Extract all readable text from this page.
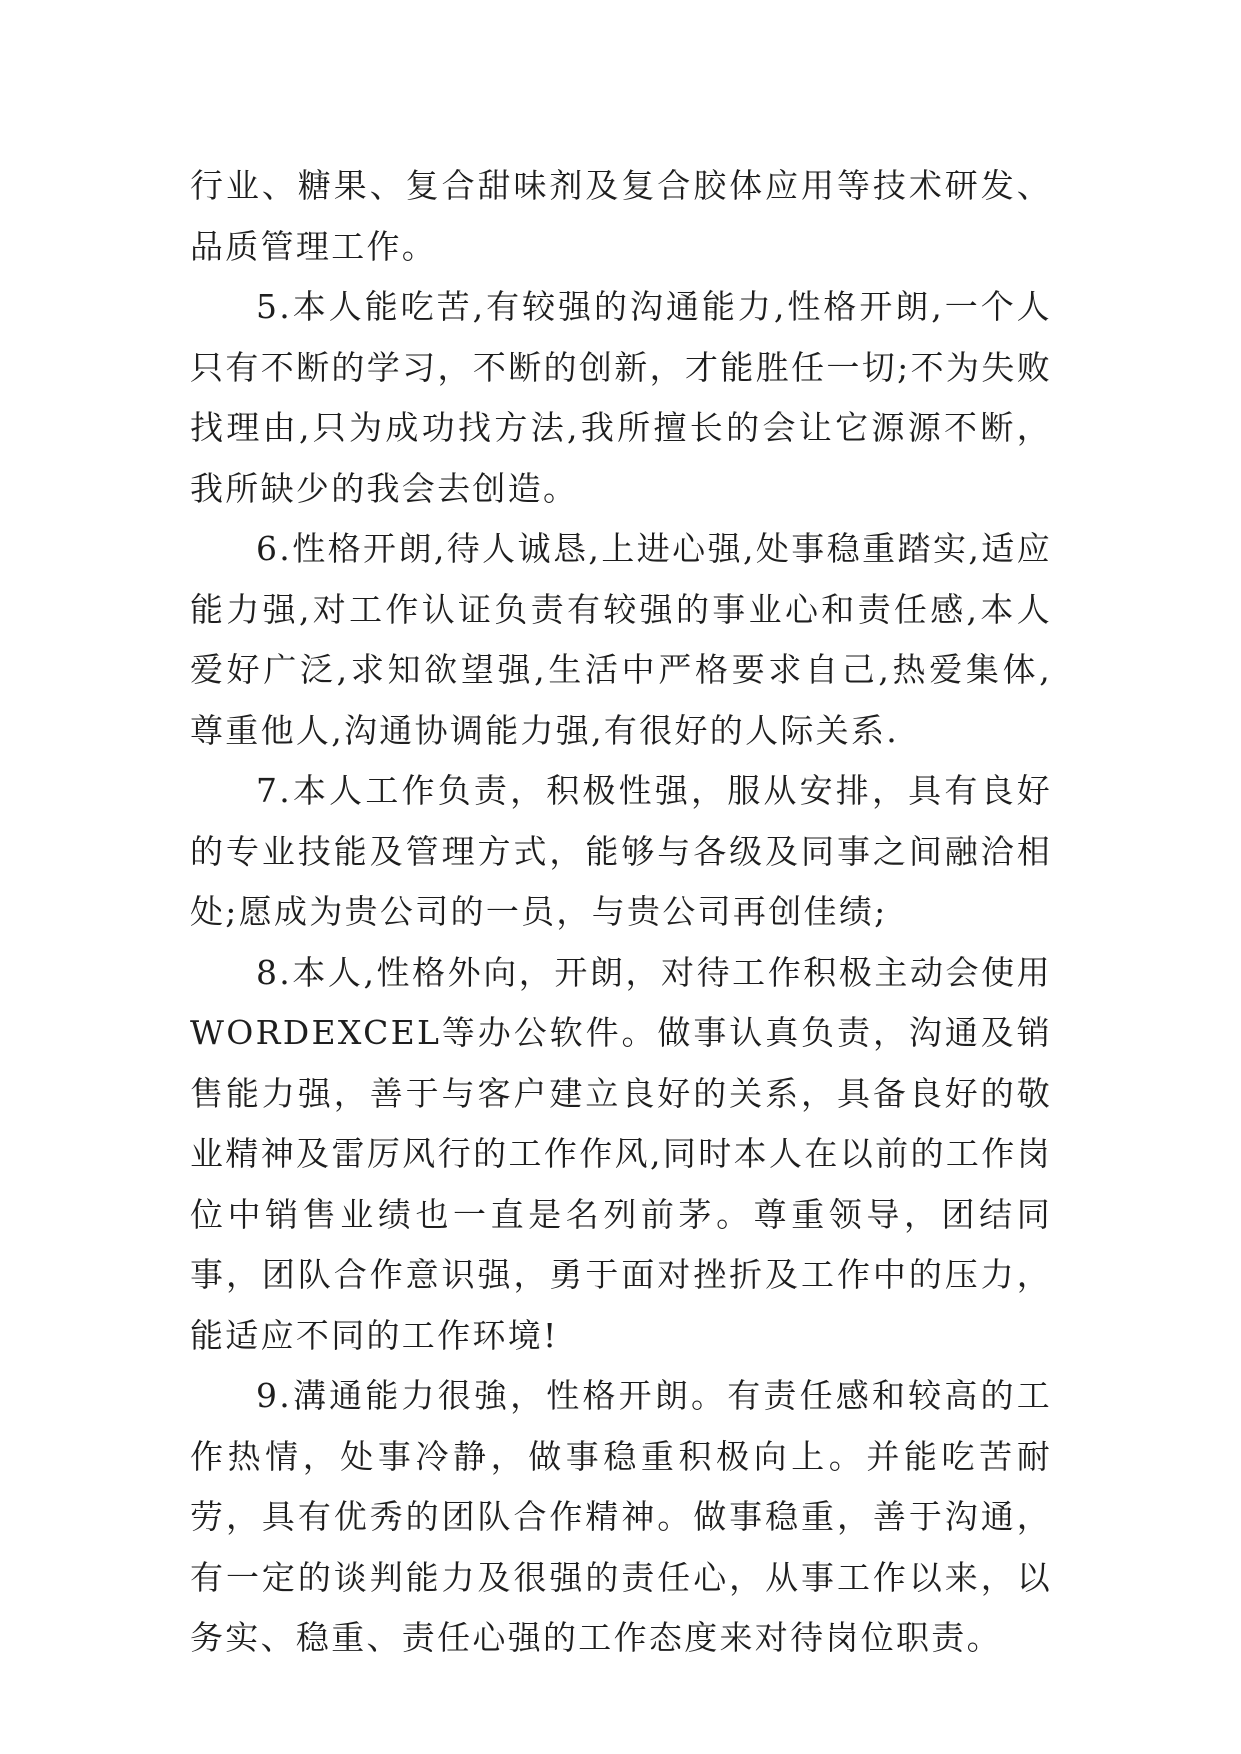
行业、糖果、复合甜味剂及复合胶体应用等技术研发、品质管理工作。

5.本人能吃苦,有较强的沟通能力,性格开朗,一个人只有不断的学习，不断的创新，才能胜任一切;不为失败找理由,只为成功找方法,我所擅长的会让它源源不断，我所缺少的我会去创造。

6.性格开朗,待人诚恳,上进心强,处事稳重踏实,适应能力强,对工作认证负责有较强的事业心和责任感,本人爱好广泛,求知欲望强,生活中严格要求自己,热爱集体,尊重他人,沟通协调能力强,有很好的人际关系.

7.本人工作负责，积极性强，服从安排，具有良好的专业技能及管理方式，能够与各级及同事之间融洽相处;愿成为贵公司的一员，与贵公司再创佳绩;

8.本人,性格外向，开朗，对待工作积极主动会使用WORDEXCEL等办公软件。做事认真负责，沟通及销售能力强，善于与客户建立良好的关系，具备良好的敬业精神及雷厉风行的工作作风,同时本人在以前的工作岗位中销售业绩也一直是名列前茅。尊重领导，团结同事，团队合作意识强，勇于面对挫折及工作中的压力，能适应不同的工作环境!

9.溝通能力很強，性格开朗。有责任感和较高的工作热情，处事冷静，做事稳重积极向上。并能吃苦耐劳，具有优秀的团队合作精神。做事稳重，善于沟通，有一定的谈判能力及很强的责任心，从事工作以来，以务实、稳重、责任心强的工作态度来对待岗位职责。
